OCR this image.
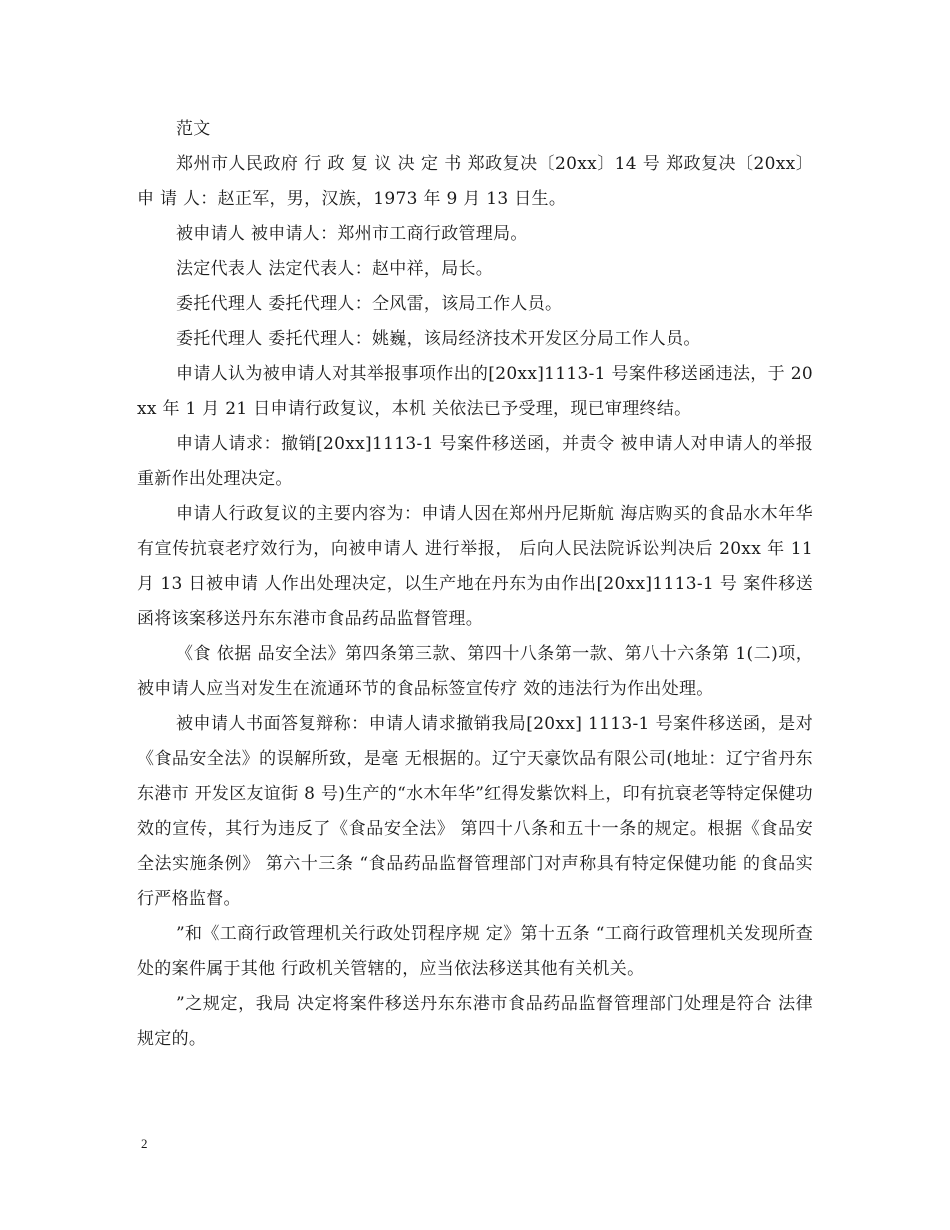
范文

郑州市人民政府 行 政 复 议 决 定 书 郑政复决〔20xx〕14 号 郑政复决〔20xx〕 申 请 人：赵正军，男，汉族，1973 年 9 月 13 日生。

被申请人 被申请人：郑州市工商行政管理局。

法定代表人 法定代表人：赵中祥，局长。

委托代理人 委托代理人：仝风雷，该局工作人员。

委托代理人 委托代理人：姚巍，该局经济技术开发区分局工作人员。

申请人认为被申请人对其举报事项作出的[20xx]1113-1 号案件移送函违法，于 20xx 年 1 月 21 日申请行政复议，本机 关依法已予受理，现已审理终结。

申请人请求：撤销[20xx]1113-1 号案件移送函，并责令 被申请人对申请人的举报重新作出处理决定。

申请人行政复议的主要内容为：申请人因在郑州丹尼斯航 海店购买的食品水木年华有宣传抗衰老疗效行为，向被申请人 进行举报， 后向人民法院诉讼判决后 20xx 年 11 月 13 日被申请 人作出处理决定，以生产地在丹东为由作出[20xx]1113-1 号 案件移送函将该案移送丹东东港市食品药品监督管理。

《食 依据 品安全法》第四条第三款、第四十八条第一款、第八十六条第 1(二)项，被申请人应当对发生在流通环节的食品标签宣传疗 效的违法行为作出处理。

被申请人书面答复辩称：申请人请求撤销我局[20xx] 1113-1 号案件移送函，是对《食品安全法》的误解所致，是毫 无根据的。辽宁天豪饮品有限公司(地址：辽宁省丹东东港市 开发区友谊街 8 号)生产的“水木年华”红得发紫饮料上，印有抗衰老等特定保健功效的宣传，其行为违反了《食品安全法》 第四十八条和五十一条的规定。根据《食品安全法实施条例》 第六十三条 “食品药品监督管理部门对声称具有特定保健功能 的食品实行严格监督。

”和《工商行政管理机关行政处罚程序规 定》第十五条 “工商行政管理机关发现所查处的案件属于其他 行政机关管辖的，应当依法移送其他有关机关。

”之规定，我局 决定将案件移送丹东东港市食品药品监督管理部门处理是符合 法律规定的。

2
